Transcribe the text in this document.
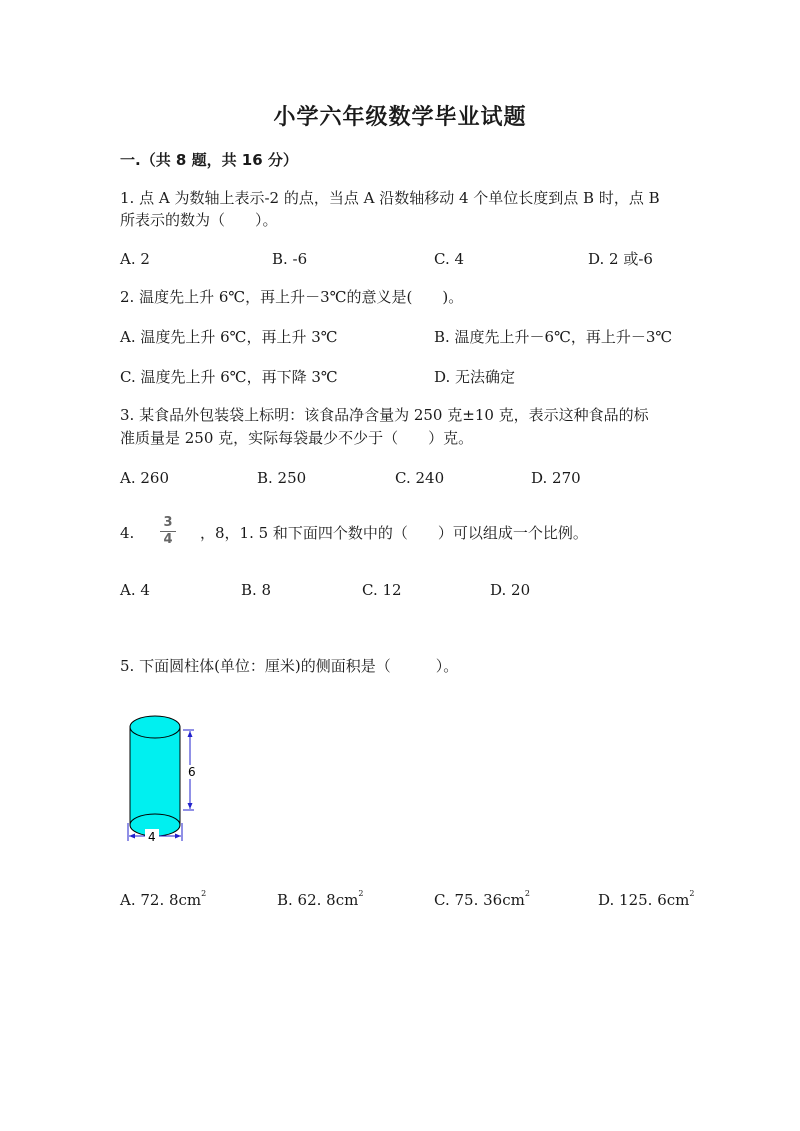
小学六年级数学毕业试题
一.（共 8 题，共 16 分）
1. 点 A 为数轴上表示-2 的点，当点 A 沿数轴移动 4 个单位长度到点 B 时，点 B
所表示的数为（　　）。
A. 2	B. -6	C. 4	D. 2 或-6
2. 温度先上升 6℃，再上升－3℃的意义是(　　)。
A. 温度先上升 6℃，再上升 3℃	B. 温度先上升－6℃，再上升－3℃
C. 温度先上升 6℃，再下降 3℃	D. 无法确定
3. 某食品外包装袋上标明：该食品净含量为 250 克±10 克，表示这种食品的标
准质量是 250 克，实际每袋最少不少于（　　）克。
A. 260	B. 250	C. 240	D. 270
4.
3
4 ，8，1. 5 和下面四个数中的（　　）可以组成一个比例。
A. 4	B. 8	C. 12	D. 20
5. 下面圆柱体(单位：厘米)的侧面积是（　　　）。
6
4
A. 72. $8cm^2$	B. 62. $8cm^2$	C. 75. $36cm^2$	D. 125. $6cm^2$
